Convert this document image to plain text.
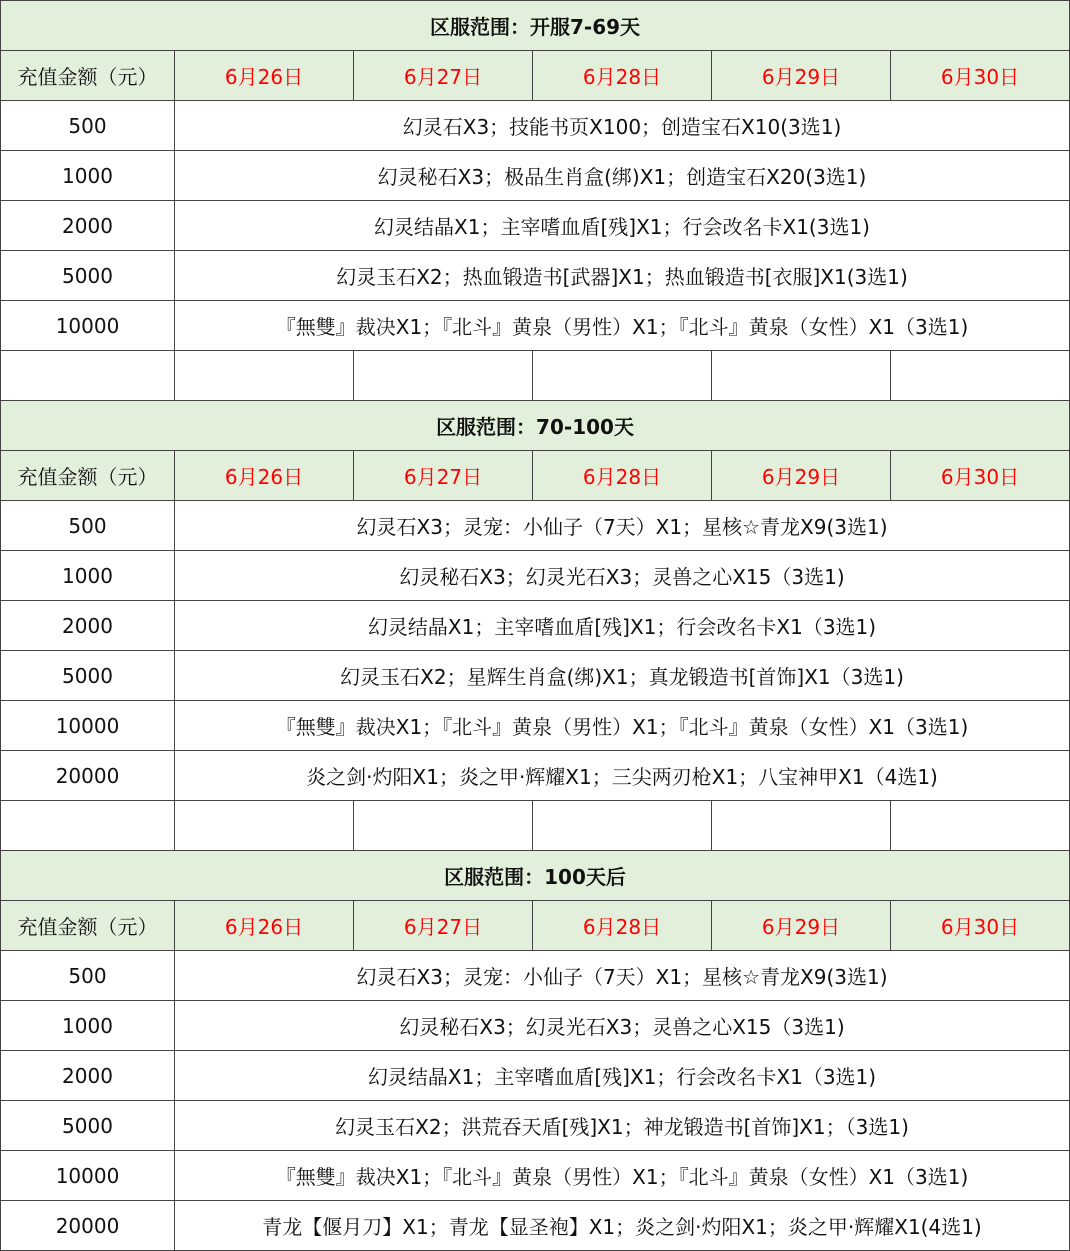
区服范围：开服7-69天					
充值金额（元）	6月26日	6月27日	6月28日	6月29日	6月30日
500	幻灵石X3；技能书页X100；创造宝石X10(3选1)				
1000	幻灵秘石X3；极品生肖盒(绑)X1；创造宝石X20(3选1)				
2000	幻灵结晶X1；主宰嗜血盾[残]X1；行会改名卡X1(3选1)				
5000	幻灵玉石X2；热血锻造书[武器]X1；热血锻造书[衣服]X1(3选1)				
10000	『無雙』裁决X1；『北斗』黄泉（男性）X1；『北斗』黄泉（女性）X1（3选1)				

区服范围：70-100天					
充值金额（元）	6月26日	6月27日	6月28日	6月29日	6月30日
500	幻灵石X3；灵宠：小仙子（7天）X1；星核☆青龙X9(3选1)				
1000	幻灵秘石X3；幻灵光石X3；灵兽之心X15（3选1)				
2000	幻灵结晶X1；主宰嗜血盾[残]X1；行会改名卡X1（3选1)				
5000	幻灵玉石X2；星辉生肖盒(绑)X1；真龙锻造书[首饰]X1（3选1)				
10000	『無雙』裁决X1；『北斗』黄泉（男性）X1；『北斗』黄泉（女性）X1（3选1)				
20000	炎之剑·灼阳X1；炎之甲·辉耀X1；三尖两刃枪X1；八宝神甲X1（4选1)				

区服范围：100天后					
充值金额（元）	6月26日	6月27日	6月28日	6月29日	6月30日
500	幻灵石X3；灵宠：小仙子（7天）X1；星核☆青龙X9(3选1)				
1000	幻灵秘石X3；幻灵光石X3；灵兽之心X15（3选1)				
2000	幻灵结晶X1；主宰嗜血盾[残]X1；行会改名卡X1（3选1)				
5000	幻灵玉石X2；洪荒吞天盾[残]X1；神龙锻造书[首饰]X1；（3选1)				
10000	『無雙』裁决X1；『北斗』黄泉（男性）X1；『北斗』黄泉（女性）X1（3选1)				
20000	青龙【偃月刀】X1；青龙【显圣袍】X1；炎之剑·灼阳X1；炎之甲·辉耀X1(4选1)				
